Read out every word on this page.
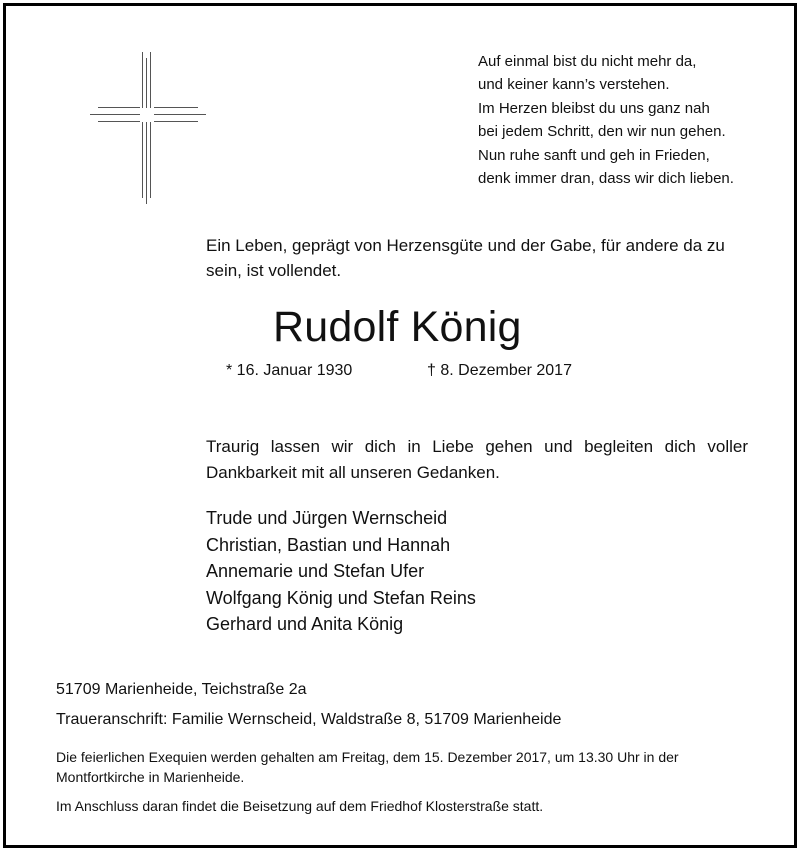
Auf einmal bist du nicht mehr da,
und keiner kann’s verstehen.
Im Herzen bleibst du uns ganz nah
bei jedem Schritt, den wir nun gehen.
Nun ruhe sanft und geh in Frieden,
denk immer dran, dass wir dich lieben.
Ein Leben, geprägt von Herzensgüte und der Gabe, für andere da zu sein, ist vollendet.
Rudolf König
* 16. Januar 1930	† 8. Dezember 2017
Traurig lassen wir dich in Liebe gehen und begleiten dich voller Dankbarkeit mit all unseren Gedanken.
Trude und Jürgen Wernscheid
Christian, Bastian und Hannah
Annemarie und Stefan Ufer
Wolfgang König und Stefan Reins
Gerhard und Anita König
51709 Marienheide, Teichstraße 2a
Traueranschrift: Familie Wernscheid, Waldstraße 8, 51709 Marienheide
Die feierlichen Exequien werden gehalten am Freitag, dem 15. Dezember 2017, um 13.30 Uhr in der Montfortkirche in Marienheide.
Im Anschluss daran findet die Beisetzung auf dem Friedhof Klosterstraße statt.
